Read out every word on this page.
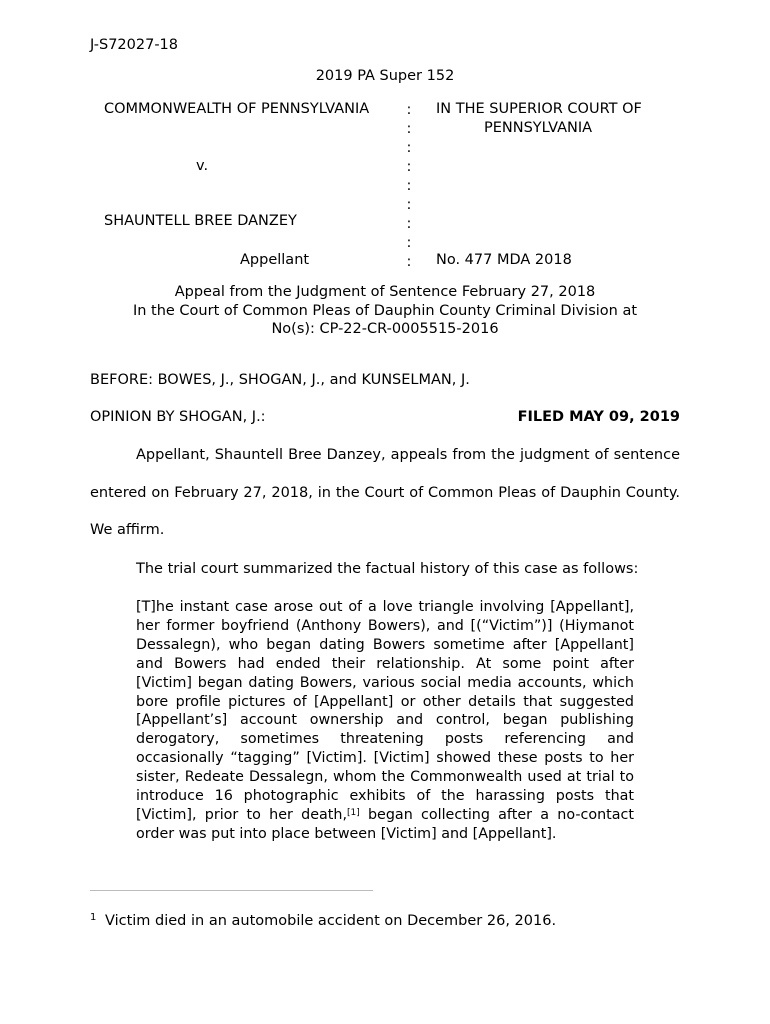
J-S72027-18
2019 PA Super 152
COMMONWEALTH OF PENNSYLVANIA
v.
SHAUNTELL BREE DANZEY
Appellant
:
:
:
:
:
:
:
:
:
IN THE SUPERIOR COURT OF
PENNSYLVANIA
No. 477 MDA 2018
Appeal from the Judgment of Sentence February 27, 2018
In the Court of Common Pleas of Dauphin County Criminal Division at
No(s): CP-22-CR-0005515-2016
BEFORE: BOWES, J., SHOGAN, J., and KUNSELMAN, J.
OPINION BY SHOGAN, J.:	FILED MAY 09, 2019
Appellant, Shauntell Bree Danzey, appeals from the judgment of sentence entered on February 27, 2018, in the Court of Common Pleas of Dauphin County. We affirm.
The trial court summarized the factual history of this case as follows:
[T]he instant case arose out of a love triangle involving [Appellant], her former boyfriend (Anthony Bowers), and [(“Victim”)] (Hiymanot Dessalegn), who began dating Bowers sometime after [Appellant] and Bowers had ended their relationship. At some point after [Victim] began dating Bowers, various social media accounts, which bore profile pictures of [Appellant] or other details that suggested [Appellant’s] account ownership and control, began publishing derogatory, sometimes threatening posts referencing and occasionally “tagging” [Victim]. [Victim] showed these posts to her sister, Redeate Dessalegn, whom the Commonwealth used at trial to introduce 16 photographic exhibits of the harassing posts that [Victim], prior to her death,[1] began collecting after a no-contact order was put into place between [Victim] and [Appellant].
$^1$ Victim died in an automobile accident on December 26, 2016.
